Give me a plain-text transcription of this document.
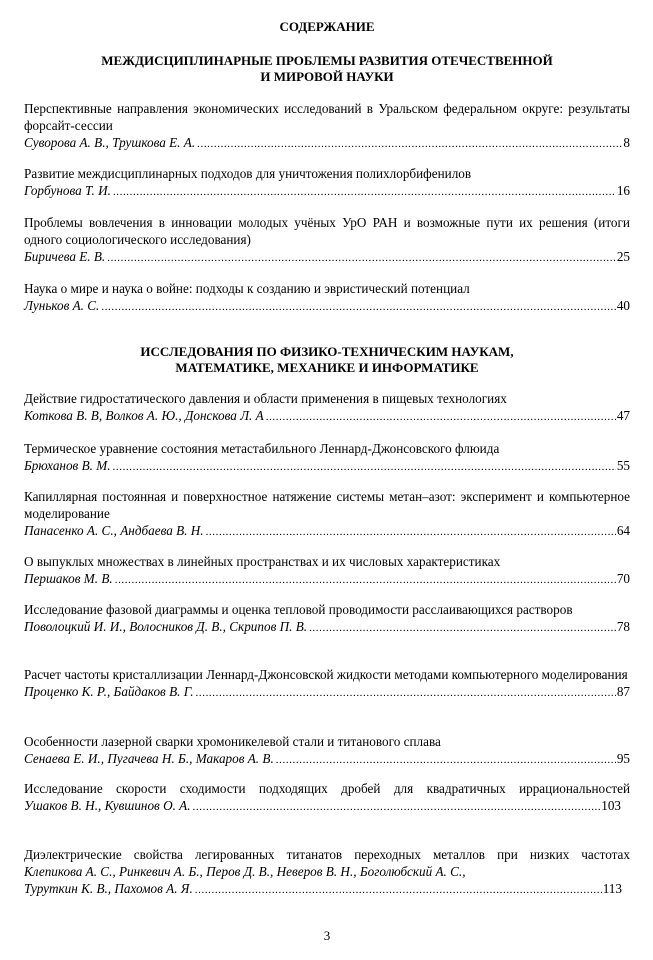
СОДЕРЖАНИЕ
МЕЖДИСЦИПЛИНАРНЫЕ ПРОБЛЕМЫ РАЗВИТИЯ ОТЕЧЕСТВЕННОЙ
И МИРОВОЙ НАУКИ

Перспективные направления экономических исследований в Уральском федеральном округе: результаты форсайт-сессии

Суворова А. В., Трушкова Е. А. .....	8

Развитие междисциплинарных подходов для уничтожения полихлорбифенилов

Горбунова Т. И. .....	16

Проблемы вовлечения в инновации молодых учёных УрО РАН и возможные пути их решения (итоги одного социологического исследования)

Биричева Е. В. .....	25

Наука о мире и наука о войне: подходы к созданию и эвристический потенциал

Луньков А. С. .....	40
ИССЛЕДОВАНИЯ ПО ФИЗИКО-ТЕХНИЧЕСКИМ НАУКАМ,
МАТЕМАТИКЕ, МЕХАНИКЕ И ИНФОРМАТИКЕ

Действие гидростатического давления и области применения в пищевых технологиях

Коткова В. В, Волков А. Ю., Донскова Л. А .....	47

Термическое уравнение состояния метастабильного Леннард-Джонсовского флюида

Брюханов В. М. .....	55

Капиллярная постоянная и поверхностное натяжение системы метан–азот: эксперимент и компьютерное моделирование

Панасенко А. С., Андбаева В. Н. .....	64

О выпуклых множествах в линейных пространствах и их числовых характеристиках

Першаков М. В. .....	70

Исследование фазовой диаграммы и оценка тепловой проводимости расслаивающихся растворов

Поволоцкий И. И., Волосников Д. В., Скрипов П. В. .....	78

Расчет частоты кристаллизации Леннард-Джонсовской жидкости методами компьютерного моделирования

Проценко К. Р., Байдаков В. Г. .....	87

Особенности лазерной сварки хромоникелевой стали и титанового сплава

Сенаева Е. И., Пугачева Н. Б., Макаров А. В. .....	95

Исследование скорости сходимости подходящих дробей для квадратичных иррациональностей

Ушаков В. Н., Кувшинов О. А. .....	103

Диэлектрические свойства легированных титанатов переходных металлов при низких частотах

Клепикова А. С., Ринкевич А. Б., Перов Д. В., Неверов В. Н., Боголюбский А. С.,
Туруткин К. В., Пахомов А. Я. .....	113
3
